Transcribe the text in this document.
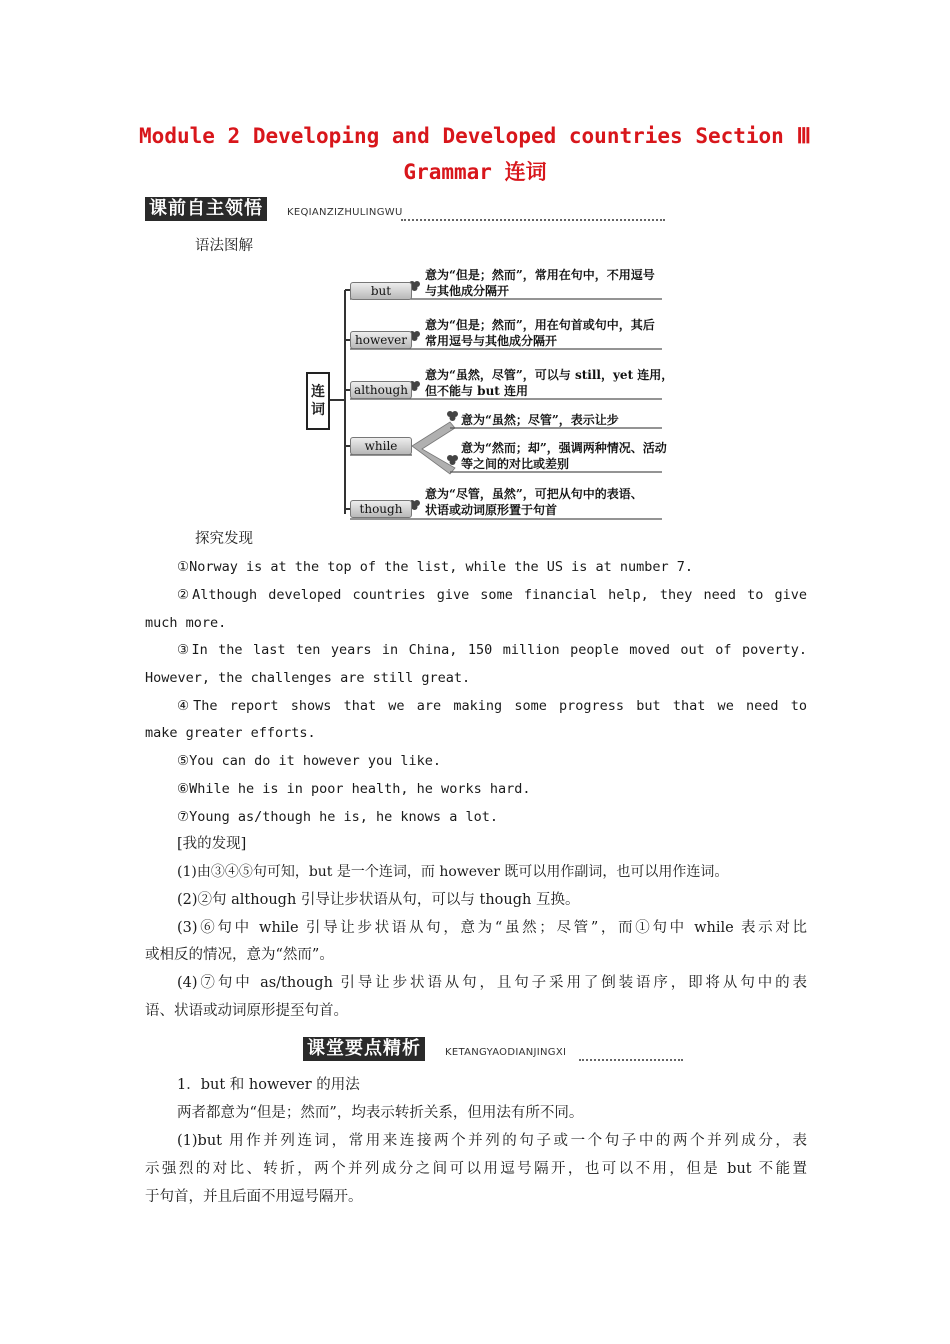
Module 2 Developing and Developed countries Section Ⅲ
Grammar 连词
课前自主领悟	KEQIANZIZHULINGWU
语法图解
连
词
but
意为“但是；然而”，常用在句中，不用逗号
与其他成分隔开
however
意为“但是；然而”，用在句首或句中，其后
常用逗号与其他成分隔开
although
意为“虽然，尽管”，可以与 still，yet 连用，
但不能与 but 连用
while
意为“虽然；尽管”，表示让步
意为“然而；却”，强调两种情况、活动
等之间的对比或差别
though
意为“尽管，虽然”，可把从句中的表语、
状语或动词原形置于句首
探究发现
①Norway is at the top of the list, while the US is at number 7.
②Although developed countries give some financial help, they need to give
much more.
③In the last ten years in China, 150 million people moved out of poverty.
However, the challenges are still great.
④The report shows that we are making some progress but that we need to
make greater efforts.
⑤You can do it however you like.
⑥While he is in poor health, he works hard.
⑦Young as/though he is, he knows a lot.
[我的发现]
(1)由③④⑤句可知，but 是一个连词，而 however 既可以用作副词，也可以用作连词。
(2)②句 although 引导让步状语从句，可以与 though 互换。
(3)⑥句中 while 引导让步状语从句，意为“虽然；尽管”，而①句中 while 表示对比
或相反的情况，意为“然而”。
(4)⑦句中 as/though 引导让步状语从句，且句子采用了倒装语序，即将从句中的表
语、状语或动词原形提至句首。
课堂要点精析	KETANGYAODIANJINGXI
1．but 和 however 的用法
两者都意为“但是；然而”，均表示转折关系，但用法有所不同。
(1)but 用作并列连词，常用来连接两个并列的句子或一个句子中的两个并列成分，表
示强烈的对比、转折，两个并列成分之间可以用逗号隔开，也可以不用，但是 but 不能置
于句首，并且后面不用逗号隔开。
